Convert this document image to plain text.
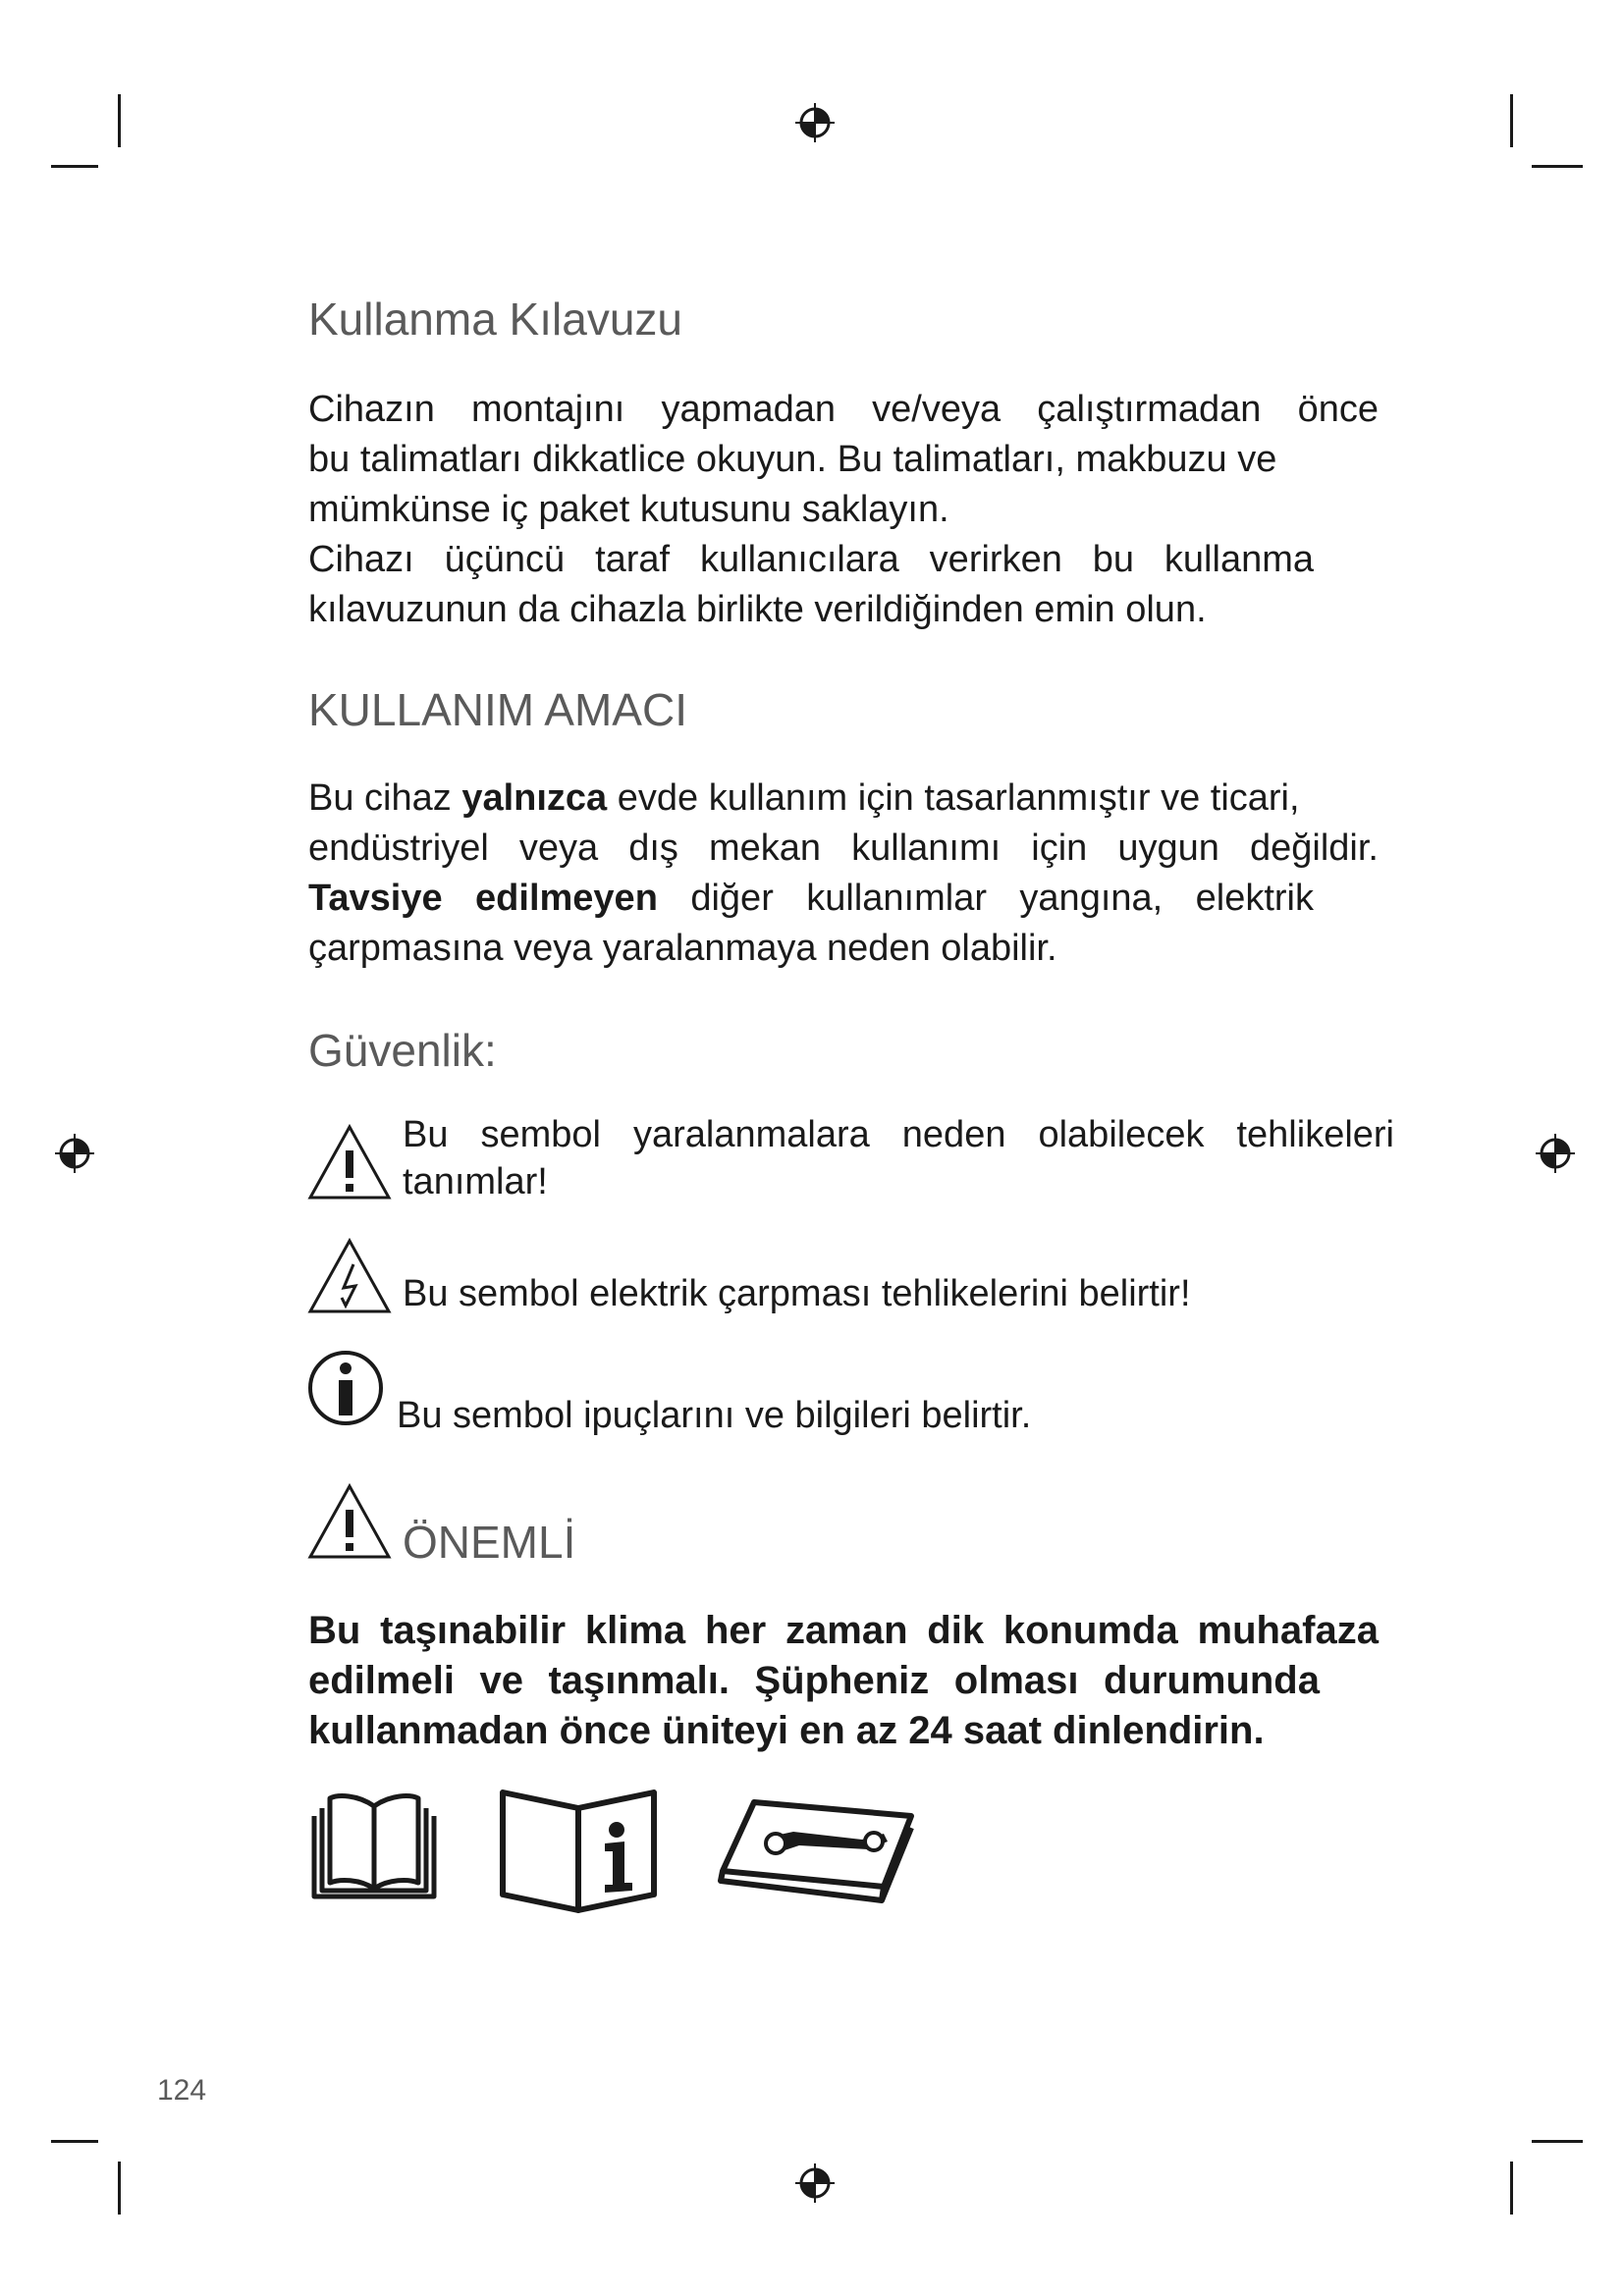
Kullanma Kılavuzu
Cihazın montajını yapmadan ve/veya çalıştırmadan önce
bu talimatları dikkatlice okuyun. Bu talimatları, makbuzu ve
mümkünse iç paket kutusunu saklayın.
Cihazı üçüncü taraf kullanıcılara verirken bu kullanma
kılavuzunun da cihazla birlikte verildiğinden emin olun.
KULLANIM AMACI
Bu cihaz yalnızca evde kullanım için tasarlanmıştır ve ticari,
endüstriyel veya dış mekan kullanımı için uygun değildir.
Tavsiye edilmeyen diğer kullanımlar yangına, elektrik
çarpmasına veya yaralanmaya neden olabilir.
Güvenlik:
Bu sembol yaralanmalara neden olabilecek tehlikeleri
tanımlar!
Bu sembol elektrik çarpması tehlikelerini belirtir!
Bu sembol ipuçlarını ve bilgileri belirtir.
ÖNEMLİ
Bu taşınabilir klima her zaman dik konumda muhafaza
edilmeli ve taşınmalı. Şüpheniz olması durumunda
kullanmadan önce üniteyi en az 24 saat dinlendirin.
124
